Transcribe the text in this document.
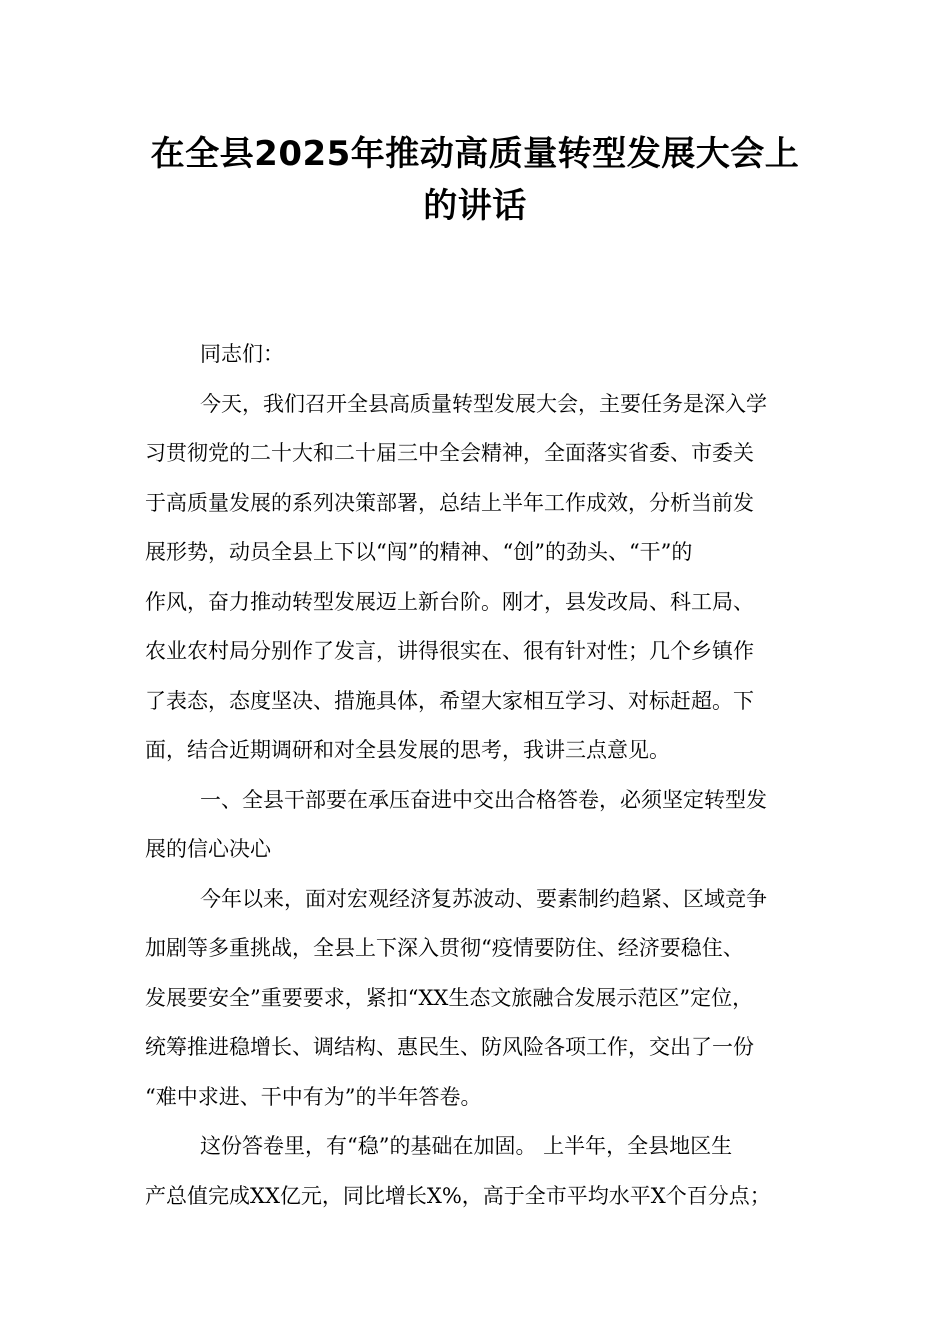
在全县2025年推动高质量转型发展大会上
的讲话

同志们：

今天，我们召开全县高质量转型发展大会，主要任务是深入学
习贯彻党的二十大和二十届三中全会精神，全面落实省委、市委关
于高质量发展的系列决策部署，总结上半年工作成效，分析当前发
展形势，动员全县上下以“闯”的精神、“创”的劲头、“干”的
作风，奋力推动转型发展迈上新台阶。刚才，县发改局、科工局、
农业农村局分别作了发言，讲得很实在、很有针对性；几个乡镇作
了表态，态度坚决、措施具体，希望大家相互学习、对标赶超。下
面，结合近期调研和对全县发展的思考，我讲三点意见。

一、全县干部要在承压奋进中交出合格答卷，必须坚定转型发
展的信心决心

今年以来，面对宏观经济复苏波动、要素制约趋紧、区域竞争
加剧等多重挑战，全县上下深入贯彻“疫情要防住、经济要稳住、
发展要安全”重要要求，紧扣“XX生态文旅融合发展示范区”定位，
统筹推进稳增长、调结构、惠民生、防风险各项工作，交出了一份
“难中求进、干中有为”的半年答卷。

这份答卷里，有“稳”的基础在加固。 上半年，全县地区生
产总值完成XX亿元，同比增长X%，高于全市平均水平X个百分点；
